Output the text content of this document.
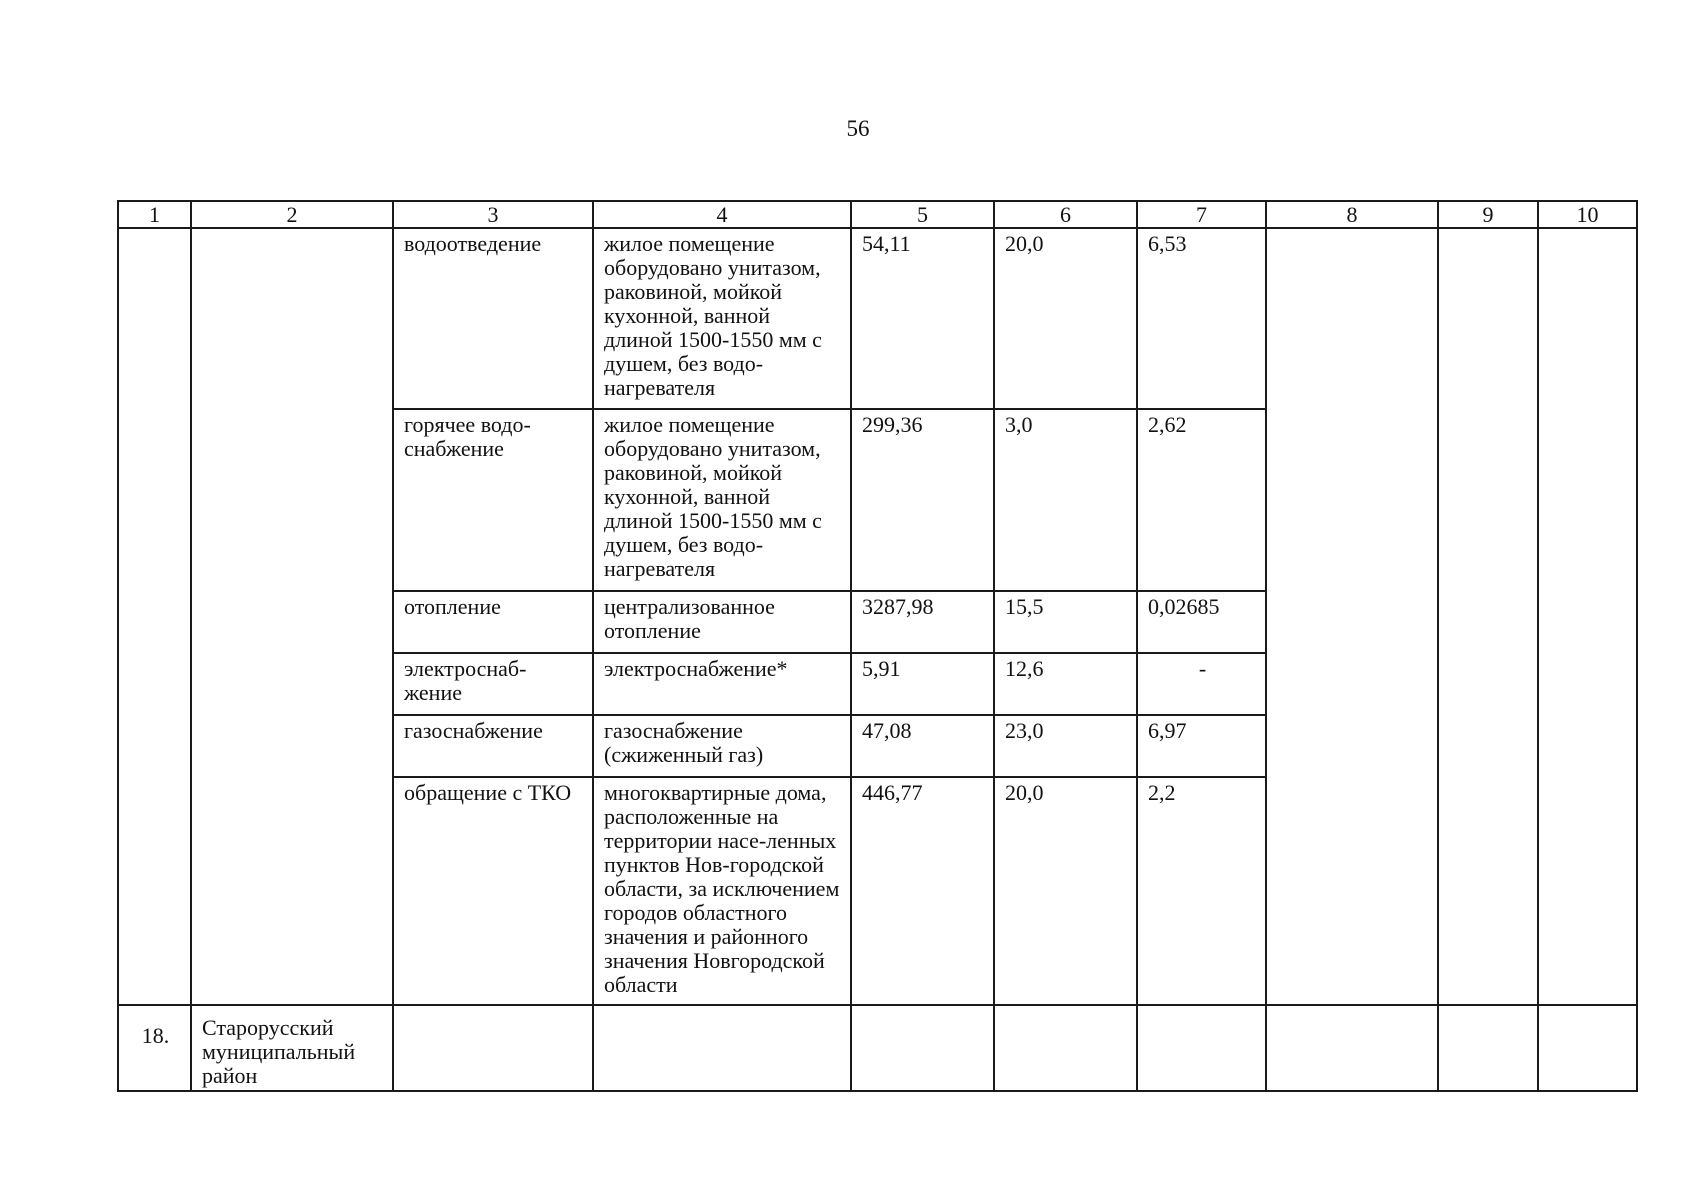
56
1	2	3	4	5	6	7	8	9	10
		водоотведение	жилое помещение оборудовано унитазом, раковиной, мойкой кухонной, ванной длиной 1500-1550 мм с душем, без водо-нагревателя	54,11	20,0	6,53			
		горячее водо-снабжение	жилое помещение оборудовано унитазом, раковиной, мойкой кухонной, ванной длиной 1500-1550 мм с душем, без водо-нагревателя	299,36	3,0	2,62			
		отопление	централизованное отопление	3287,98	15,5	0,02685			
		электроснаб-жение	электроснабжение*	5,91	12,6	-			
		газоснабжение	газоснабжение (сжиженный газ)	47,08	23,0	6,97			
		обращение с ТКО	многоквартирные дома, расположенные на территории насе-ленных пунктов Нов-городской области, за исключением городов областного значения и районного значения Новгородской области	446,77	20,0	2,2			
18.	Старорусский муниципальный район								
